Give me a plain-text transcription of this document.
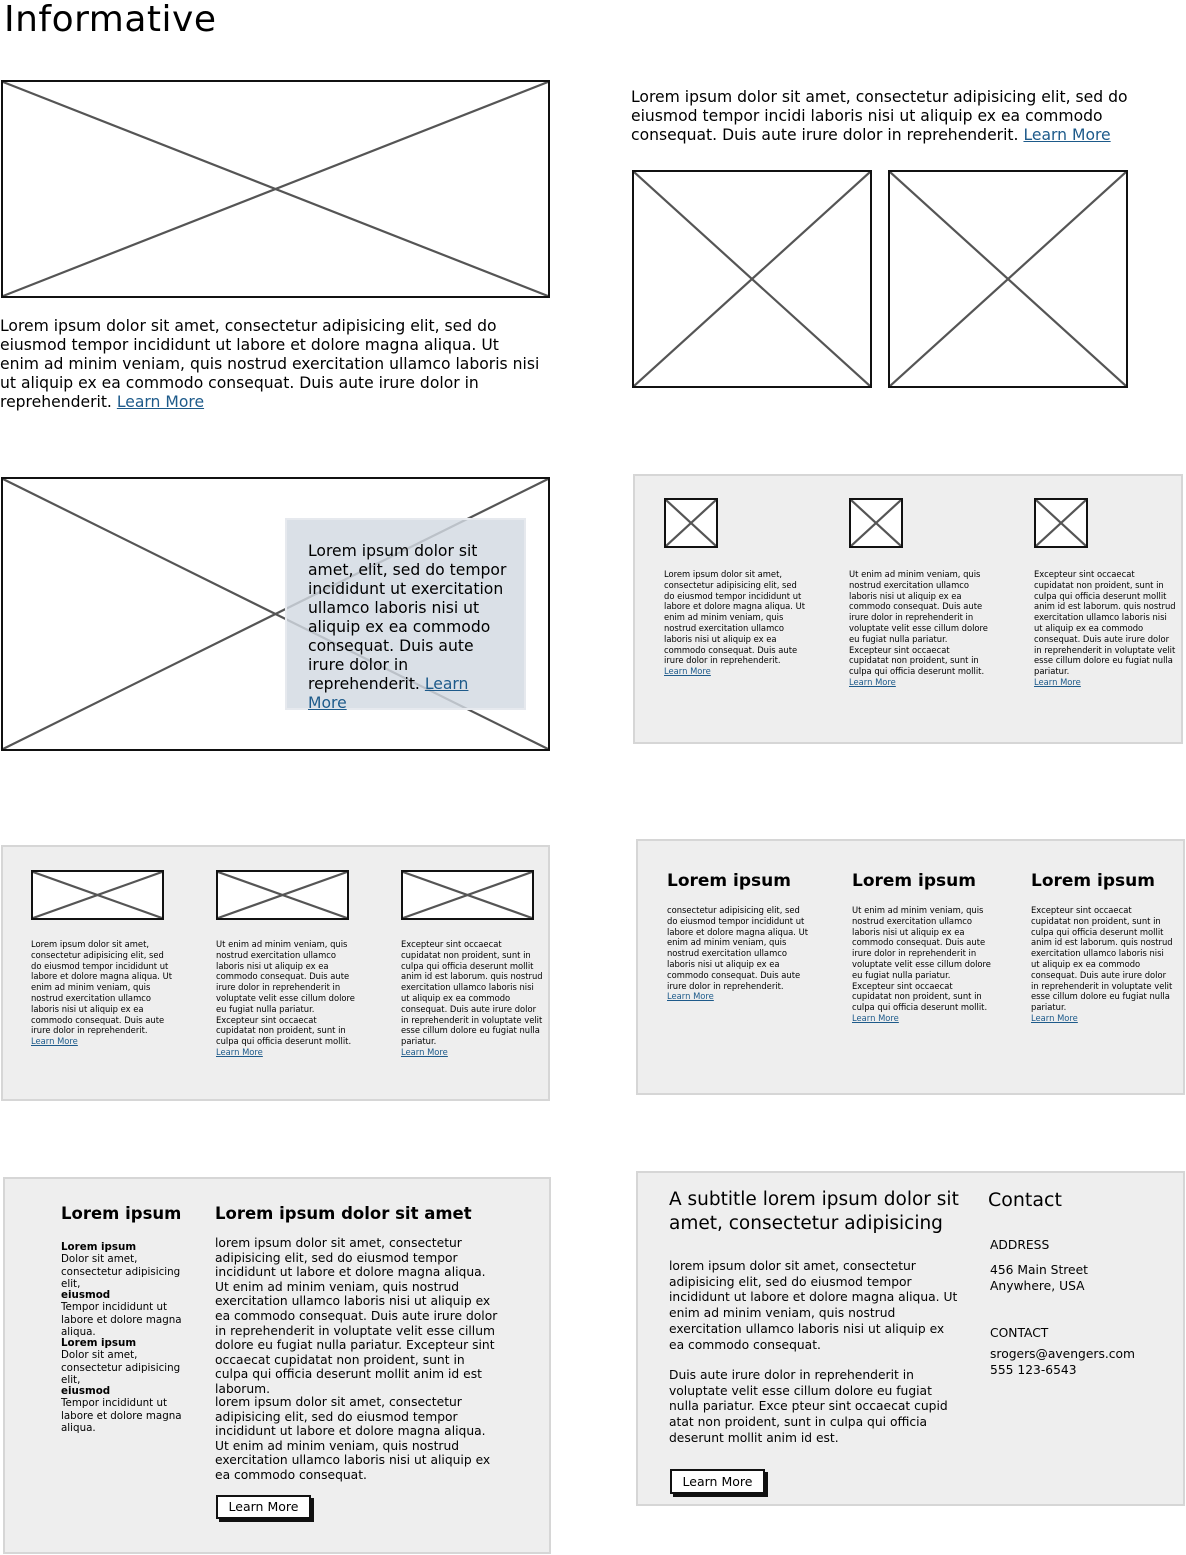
Informative

Lorem ipsum dolor sit amet, consectetur adipisicing elit, sed do eiusmod tempor incididunt ut labore et dolore magna aliqua. Ut enim ad minim veniam, quis nostrud exercitation ullamco laboris nisi ut aliquip ex ea commodo consequat. Duis aute irure dolor in reprehenderit. Learn More

Lorem ipsum dolor sit amet, consectetur adipisicing elit, sed do eiusmod tempor incidi laboris nisi ut aliquip ex ea commodo consequat. Duis aute irure dolor in reprehenderit. Learn More

Lorem ipsum dolor sit amet, elit, sed do tempor incididunt ut exercitation ullamco laboris nisi ut aliquip ex ea commodo consequat. Duis aute irure dolor in reprehenderit. Learn More

Lorem ipsum dolor sit amet, consectetur adipisicing elit, sed do eiusmod tempor incididunt ut labore et dolore magna aliqua. Ut enim ad minim veniam, quis nostrud exercitation ullamco laboris nisi ut aliquip ex ea commodo consequat. Duis aute irure dolor in reprehenderit.
Learn More

Ut enim ad minim veniam, quis nostrud exercitation ullamco laboris nisi ut aliquip ex ea commodo consequat. Duis aute irure dolor in reprehenderit in voluptate velit esse cillum dolore eu fugiat nulla pariatur. Excepteur sint occaecat cupidatat non proident, sunt in culpa qui officia deserunt mollit.
Learn More

Excepteur sint occaecat cupidatat non proident, sunt in culpa qui officia deserunt mollit anim id est laborum. quis nostrud exercitation ullamco laboris nisi ut aliquip ex ea commodo consequat. Duis aute irure dolor in reprehenderit in voluptate velit esse cillum dolore eu fugiat nulla pariatur.
Learn More

Lorem ipsum dolor sit amet, consectetur adipisicing elit, sed do eiusmod tempor incididunt ut labore et dolore magna aliqua. Ut enim ad minim veniam, quis nostrud exercitation ullamco laboris nisi ut aliquip ex ea commodo consequat. Duis aute irure dolor in reprehenderit.
Learn More

Ut enim ad minim veniam, quis nostrud exercitation ullamco laboris nisi ut aliquip ex ea commodo consequat. Duis aute irure dolor in reprehenderit in voluptate velit esse cillum dolore eu fugiat nulla pariatur. Excepteur sint occaecat cupidatat non proident, sunt in culpa qui officia deserunt mollit.
Learn More

Excepteur sint occaecat cupidatat non proident, sunt in culpa qui officia deserunt mollit anim id est laborum. quis nostrud exercitation ullamco laboris nisi ut aliquip ex ea commodo consequat. Duis aute irure dolor in reprehenderit in voluptate velit esse cillum dolore eu fugiat nulla pariatur.
Learn More

Lorem ipsum

consectetur adipisicing elit, sed do eiusmod tempor incididunt ut labore et dolore magna aliqua. Ut enim ad minim veniam, quis nostrud exercitation ullamco laboris nisi ut aliquip ex ea commodo consequat. Duis aute irure dolor in reprehenderit.
Learn More

Lorem ipsum

Ut enim ad minim veniam, quis nostrud exercitation ullamco laboris nisi ut aliquip ex ea commodo consequat. Duis aute irure dolor in reprehenderit in voluptate velit esse cillum dolore eu fugiat nulla pariatur. Excepteur sint occaecat cupidatat non proident, sunt in culpa qui officia deserunt mollit.
Learn More

Lorem ipsum

Excepteur sint occaecat cupidatat non proident, sunt in culpa qui officia deserunt mollit anim id est laborum. quis nostrud exercitation ullamco laboris nisi ut aliquip ex ea commodo consequat. Duis aute irure dolor in reprehenderit in voluptate velit esse cillum dolore eu fugiat nulla pariatur.
Learn More

Lorem ipsum
Lorem ipsum
Dolor sit amet, consectetur adipisicing elit,
eiusmod
Tempor incididunt ut labore et dolore magna aliqua.
Lorem ipsum
Dolor sit amet, consectetur adipisicing elit,
eiusmod
Tempor incididunt ut labore et dolore magna aliqua.
Lorem ipsum dolor sit amet

lorem ipsum dolor sit amet, consectetur adipisicing elit, sed do eiusmod tempor incididunt ut labore et dolore magna aliqua. Ut enim ad minim veniam, quis nostrud exercitation ullamco laboris nisi ut aliquip ex ea commodo consequat. Duis aute irure dolor in reprehenderit in voluptate velit esse cillum dolore eu fugiat nulla pariatur. Excepteur sint occaecat cupidatat non proident, sunt in culpa qui officia deserunt mollit anim id est laborum.

lorem ipsum dolor sit amet, consectetur adipisicing elit, sed do eiusmod tempor incididunt ut labore et dolore magna aliqua. Ut enim ad minim veniam, quis nostrud exercitation ullamco laboris nisi ut aliquip ex ea commodo consequat.

Learn More
A subtitle lorem ipsum dolor sit amet, consectetur adipisicing

lorem ipsum dolor sit amet, consectetur adipisicing elit, sed do eiusmod tempor incididunt ut labore et dolore magna aliqua. Ut enim ad minim veniam, quis nostrud exercitation ullamco laboris nisi ut aliquip ex ea commodo consequat.

Duis aute irure dolor in reprehenderit in voluptate velit esse cillum dolore eu fugiat nulla pariatur. Exce pteur sint occaecat cupid atat non proident, sunt in culpa qui officia deserunt mollit anim id est.

Learn More
Contact
ADDRESS
456 Main Street
Anywhere, USA
CONTACT
srogers@avengers.com
555 123-6543
